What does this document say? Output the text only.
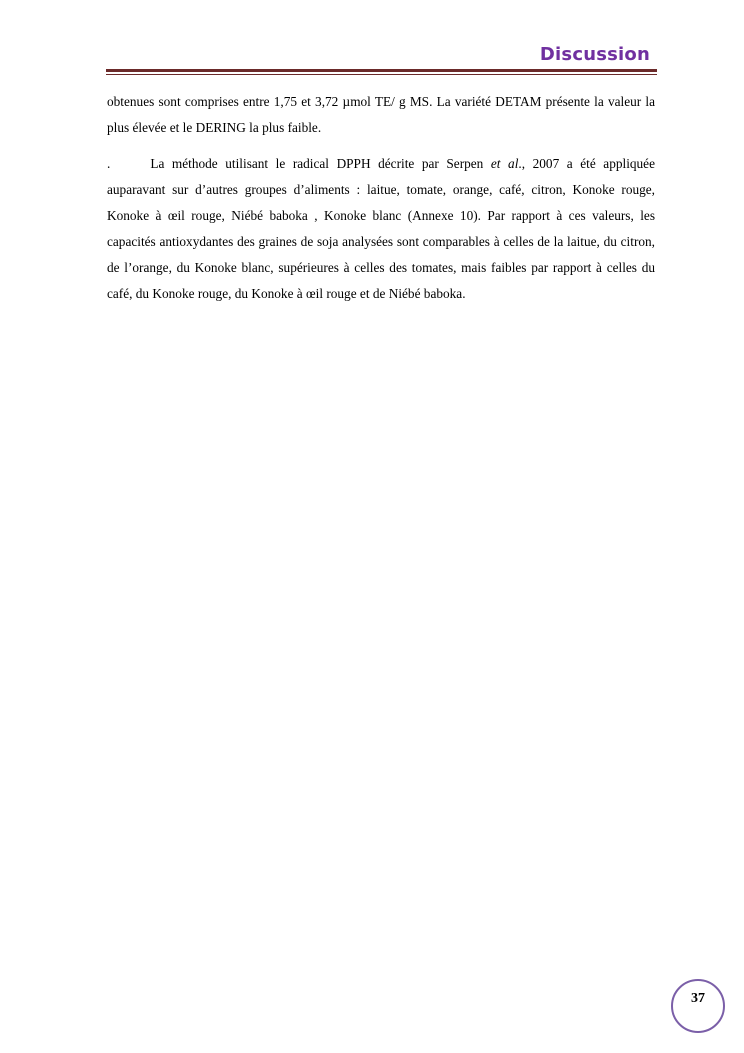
Discussion

obtenues sont comprises entre 1,75 et 3,72 µmol TE/ g MS. La variété DETAM présente la valeur la plus élevée et le DERING la plus faible.

.	La méthode utilisant le radical DPPH décrite par Serpen et al., 2007 a été appliquée auparavant sur d’autres groupes d’aliments : laitue, tomate, orange, café, citron, Konoke rouge, Konoke à œil rouge, Niébé baboka , Konoke blanc (Annexe 10). Par rapport à ces valeurs, les capacités antioxydantes des graines de soja analysées sont comparables à celles de la laitue, du citron, de l’orange, du Konoke blanc, supérieures à celles des tomates, mais faibles par rapport à celles du café, du Konoke rouge, du Konoke à œil rouge et de Niébé baboka.

37
